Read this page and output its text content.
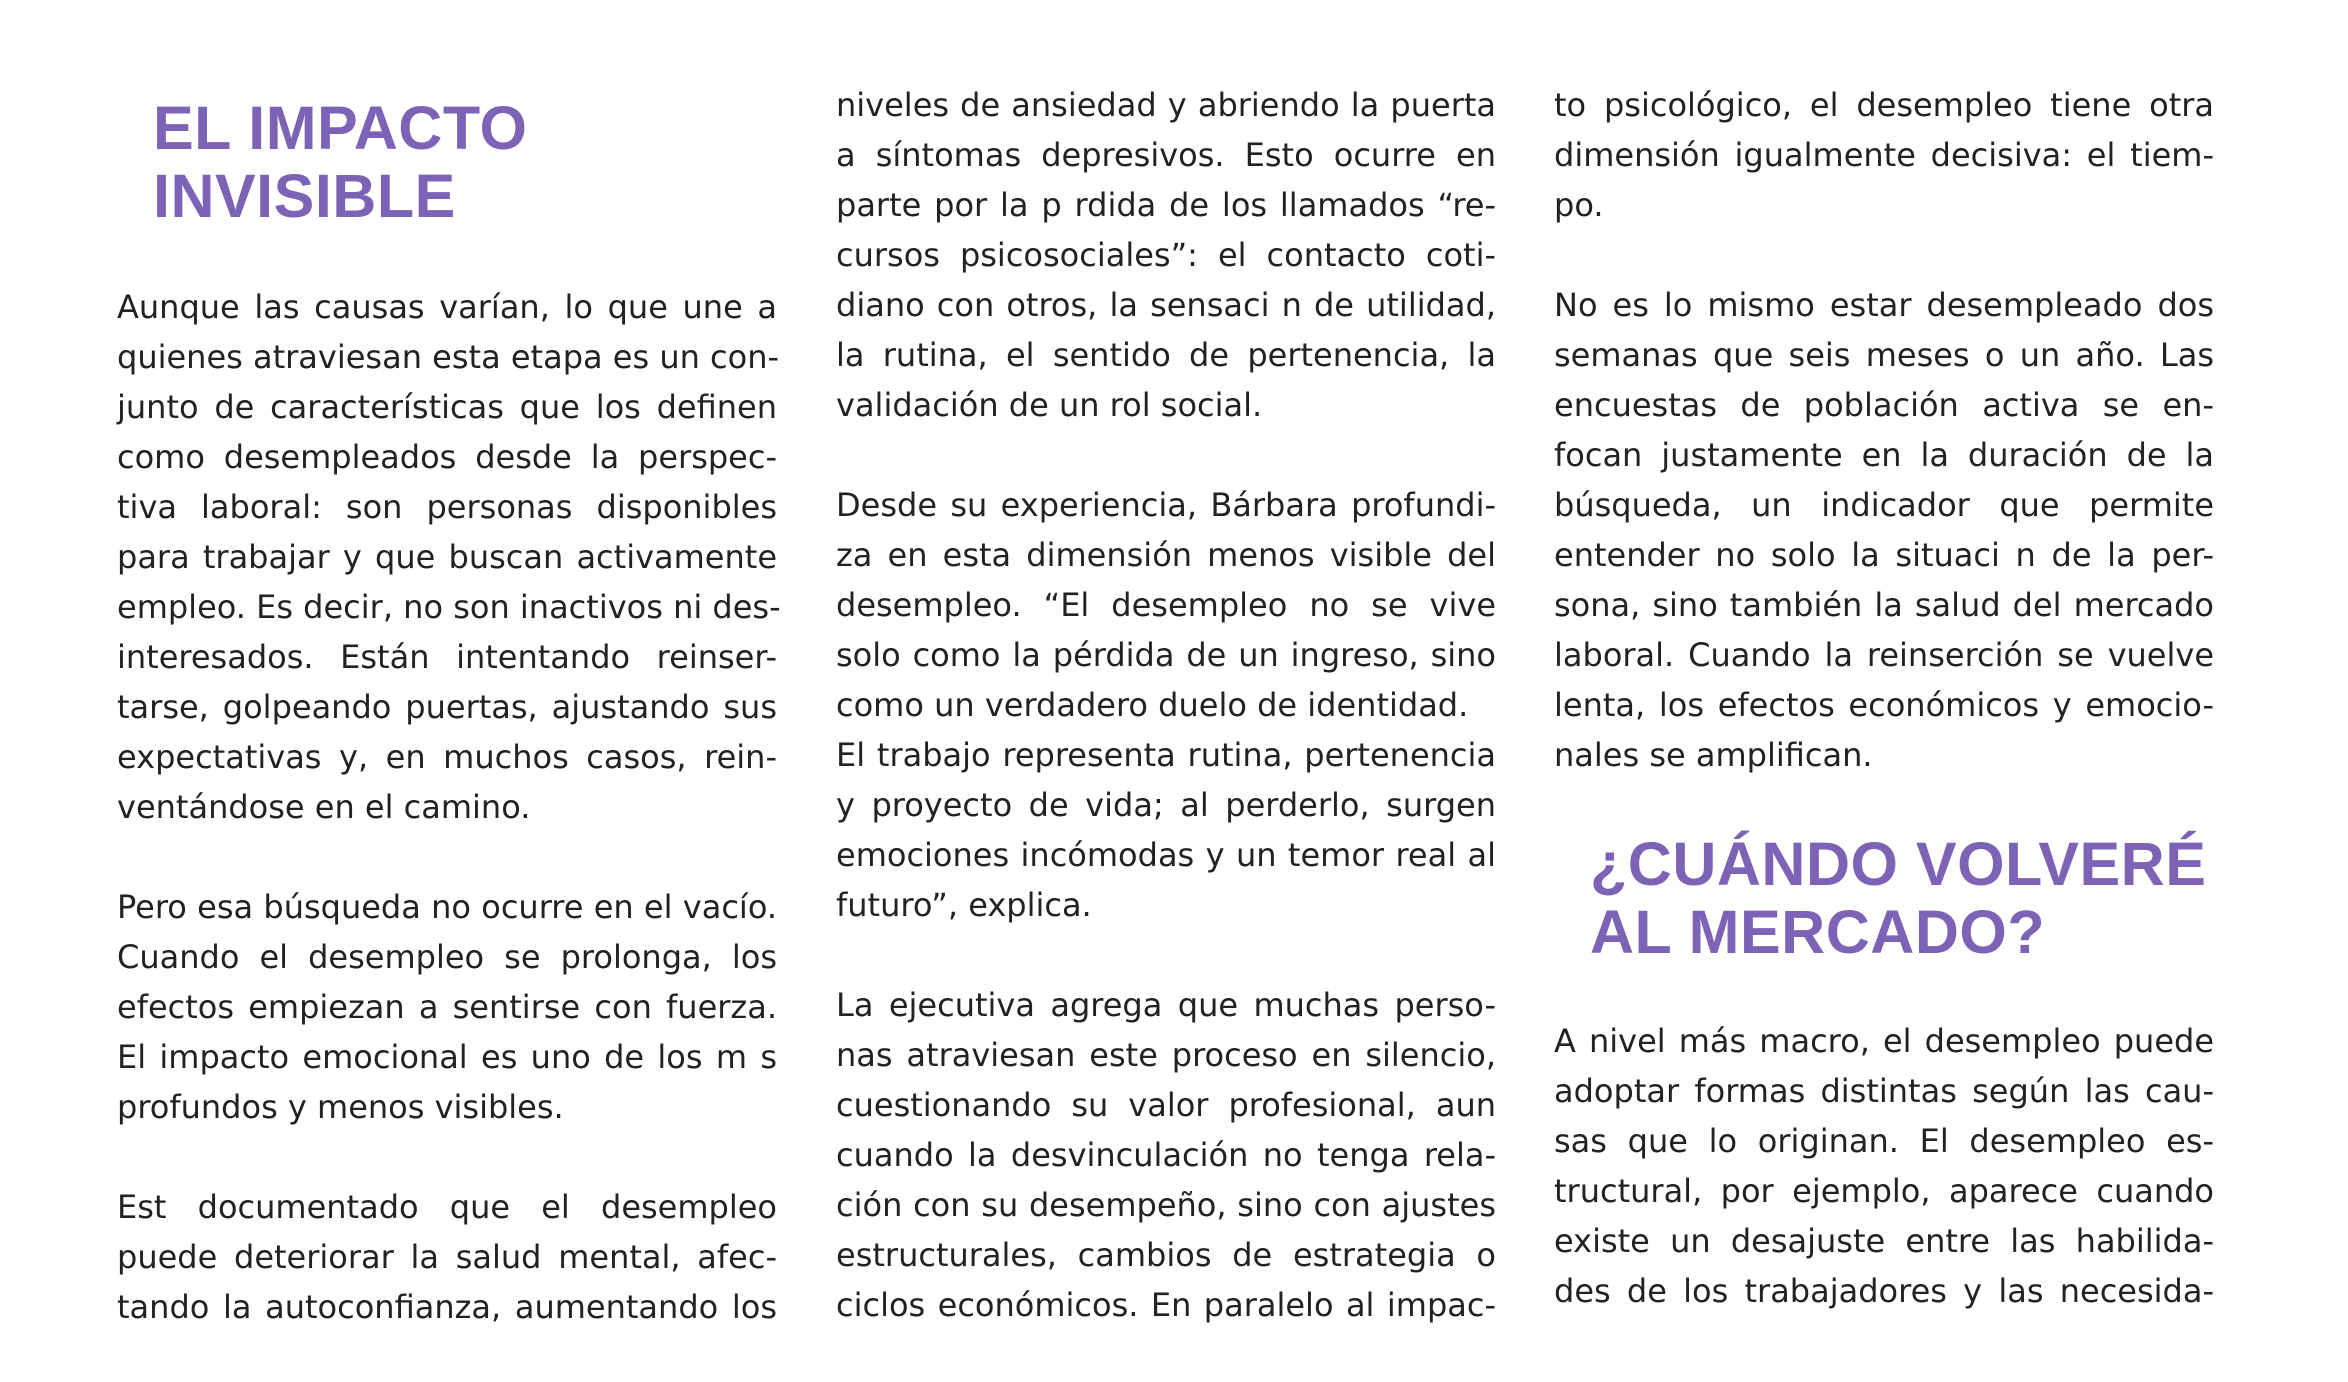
EL IMPACTO
INVISIBLE

Aunque las causas varían, lo que une a
quienes atraviesan esta etapa es un con-
junto de características que los definen
como desempleados desde la perspec-
tiva laboral: son personas disponibles
para trabajar y que buscan activamente
empleo. Es decir, no son inactivos ni des-
interesados. Están intentando reinser-
tarse, golpeando puertas, ajustando sus
expectativas y, en muchos casos, rein-
ventándose en el camino.

Pero esa búsqueda no ocurre en el vacío.
Cuando el desempleo se prolonga, los
efectos empiezan a sentirse con fuerza.
El impacto emocional es uno de los m s
profundos y menos visibles.

Est documentado que el desempleo
puede deteriorar la salud mental, afec-
tando la autoconfianza, aumentando los

niveles de ansiedad y abriendo la puerta
a síntomas depresivos. Esto ocurre en
parte por la p rdida de los llamados “re-
cursos psicosociales”: el contacto coti-
diano con otros, la sensaci n de utilidad,
la rutina, el sentido de pertenencia, la
validación de un rol social.

Desde su experiencia, Bárbara profundi-
za en esta dimensión menos visible del
desempleo. “El desempleo no se vive
solo como la pérdida de un ingreso, sino
como un verdadero duelo de identidad.
El trabajo representa rutina, pertenencia
y proyecto de vida; al perderlo, surgen
emociones incómodas y un temor real al
futuro”, explica.

La ejecutiva agrega que muchas perso-
nas atraviesan este proceso en silencio,
cuestionando su valor profesional, aun
cuando la desvinculación no tenga rela-
ción con su desempeño, sino con ajustes
estructurales, cambios de estrategia o
ciclos económicos. En paralelo al impac-

to psicológico, el desempleo tiene otra
dimensión igualmente decisiva: el tiem-
po.

No es lo mismo estar desempleado dos
semanas que seis meses o un año. Las
encuestas de población activa se en-
focan justamente en la duración de la
búsqueda, un indicador que permite
entender no solo la situaci n de la per-
sona, sino también la salud del mercado
laboral. Cuando la reinserción se vuelve
lenta, los efectos económicos y emocio-
nales se amplifican.

¿CUÁNDO VOLVERÉ
AL MERCADO?

A nivel más macro, el desempleo puede
adoptar formas distintas según las cau-
sas que lo originan. El desempleo es-
tructural, por ejemplo, aparece cuando
existe un desajuste entre las habilida-
des de los trabajadores y las necesida-
